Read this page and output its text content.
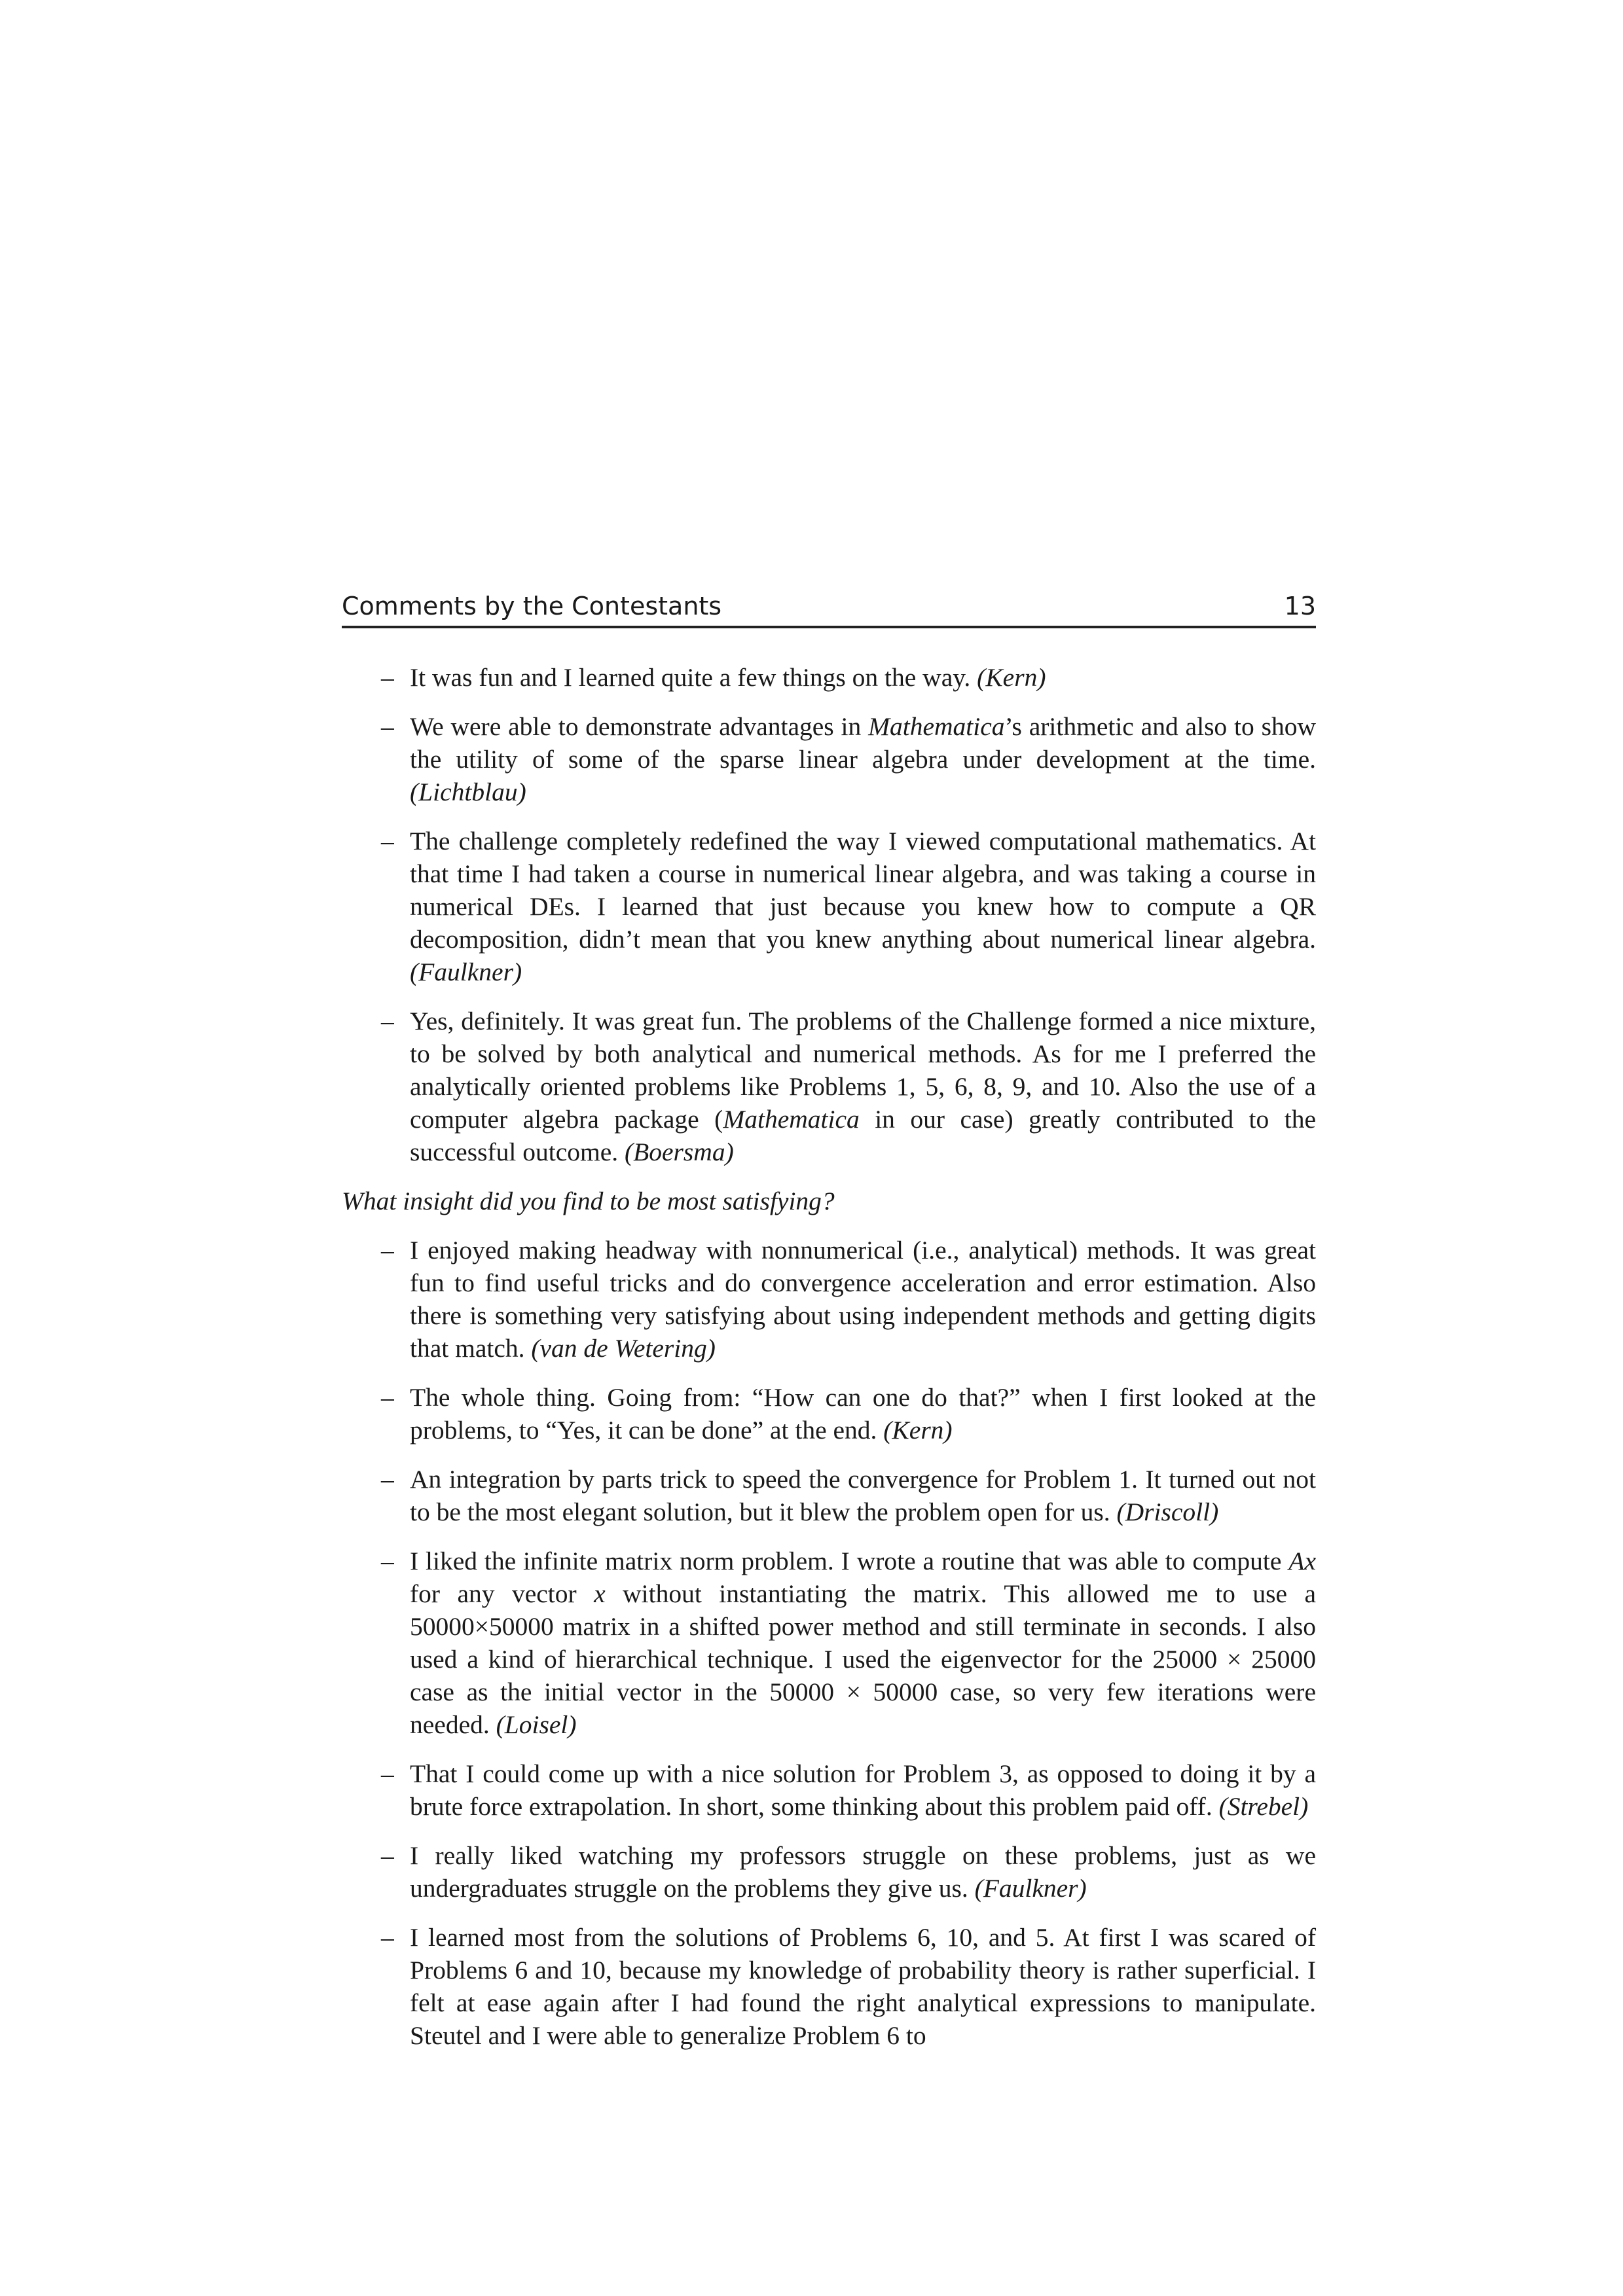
Comments by the Contestants	13
– It was fun and I learned quite a few things on the way. (Kern)
– We were able to demonstrate advantages in Mathematica’s arithmetic and also to show the utility of some of the sparse linear algebra under development at the time. (Lichtblau)
– The challenge completely redefined the way I viewed computational mathematics. At that time I had taken a course in numerical linear algebra, and was taking a course in numerical DEs. I learned that just because you knew how to compute a QR decomposition, didn’t mean that you knew anything about numerical linear algebra. (Faulkner)
– Yes, definitely. It was great fun. The problems of the Challenge formed a nice mixture, to be solved by both analytical and numerical methods. As for me I preferred the analytically oriented problems like Problems 1, 5, 6, 8, 9, and 10. Also the use of a computer algebra package (Mathematica in our case) greatly contributed to the successful outcome. (Boersma)
What insight did you find to be most satisfying?
– I enjoyed making headway with nonnumerical (i.e., analytical) methods. It was great fun to find useful tricks and do convergence acceleration and error estimation. Also there is something very satisfying about using independent methods and getting digits that match. (van de Wetering)
– The whole thing. Going from: “How can one do that?” when I first looked at the problems, to “Yes, it can be done” at the end. (Kern)
– An integration by parts trick to speed the convergence for Problem 1. It turned out not to be the most elegant solution, but it blew the problem open for us. (Driscoll)
– I liked the infinite matrix norm problem. I wrote a routine that was able to compute Ax for any vector x without instantiating the matrix. This allowed me to use a 50000×50000 matrix in a shifted power method and still terminate in seconds. I also used a kind of hierarchical technique. I used the eigenvector for the 25000 × 25000 case as the initial vector in the 50000 × 50000 case, so very few iterations were needed. (Loisel)
– That I could come up with a nice solution for Problem 3, as opposed to doing it by a brute force extrapolation. In short, some thinking about this problem paid off. (Strebel)
– I really liked watching my professors struggle on these problems, just as we undergraduates struggle on the problems they give us. (Faulkner)
– I learned most from the solutions of Problems 6, 10, and 5. At first I was scared of Problems 6 and 10, because my knowledge of probability theory is rather superficial. I felt at ease again after I had found the right analytical expressions to manipulate. Steutel and I were able to generalize Problem 6 to
